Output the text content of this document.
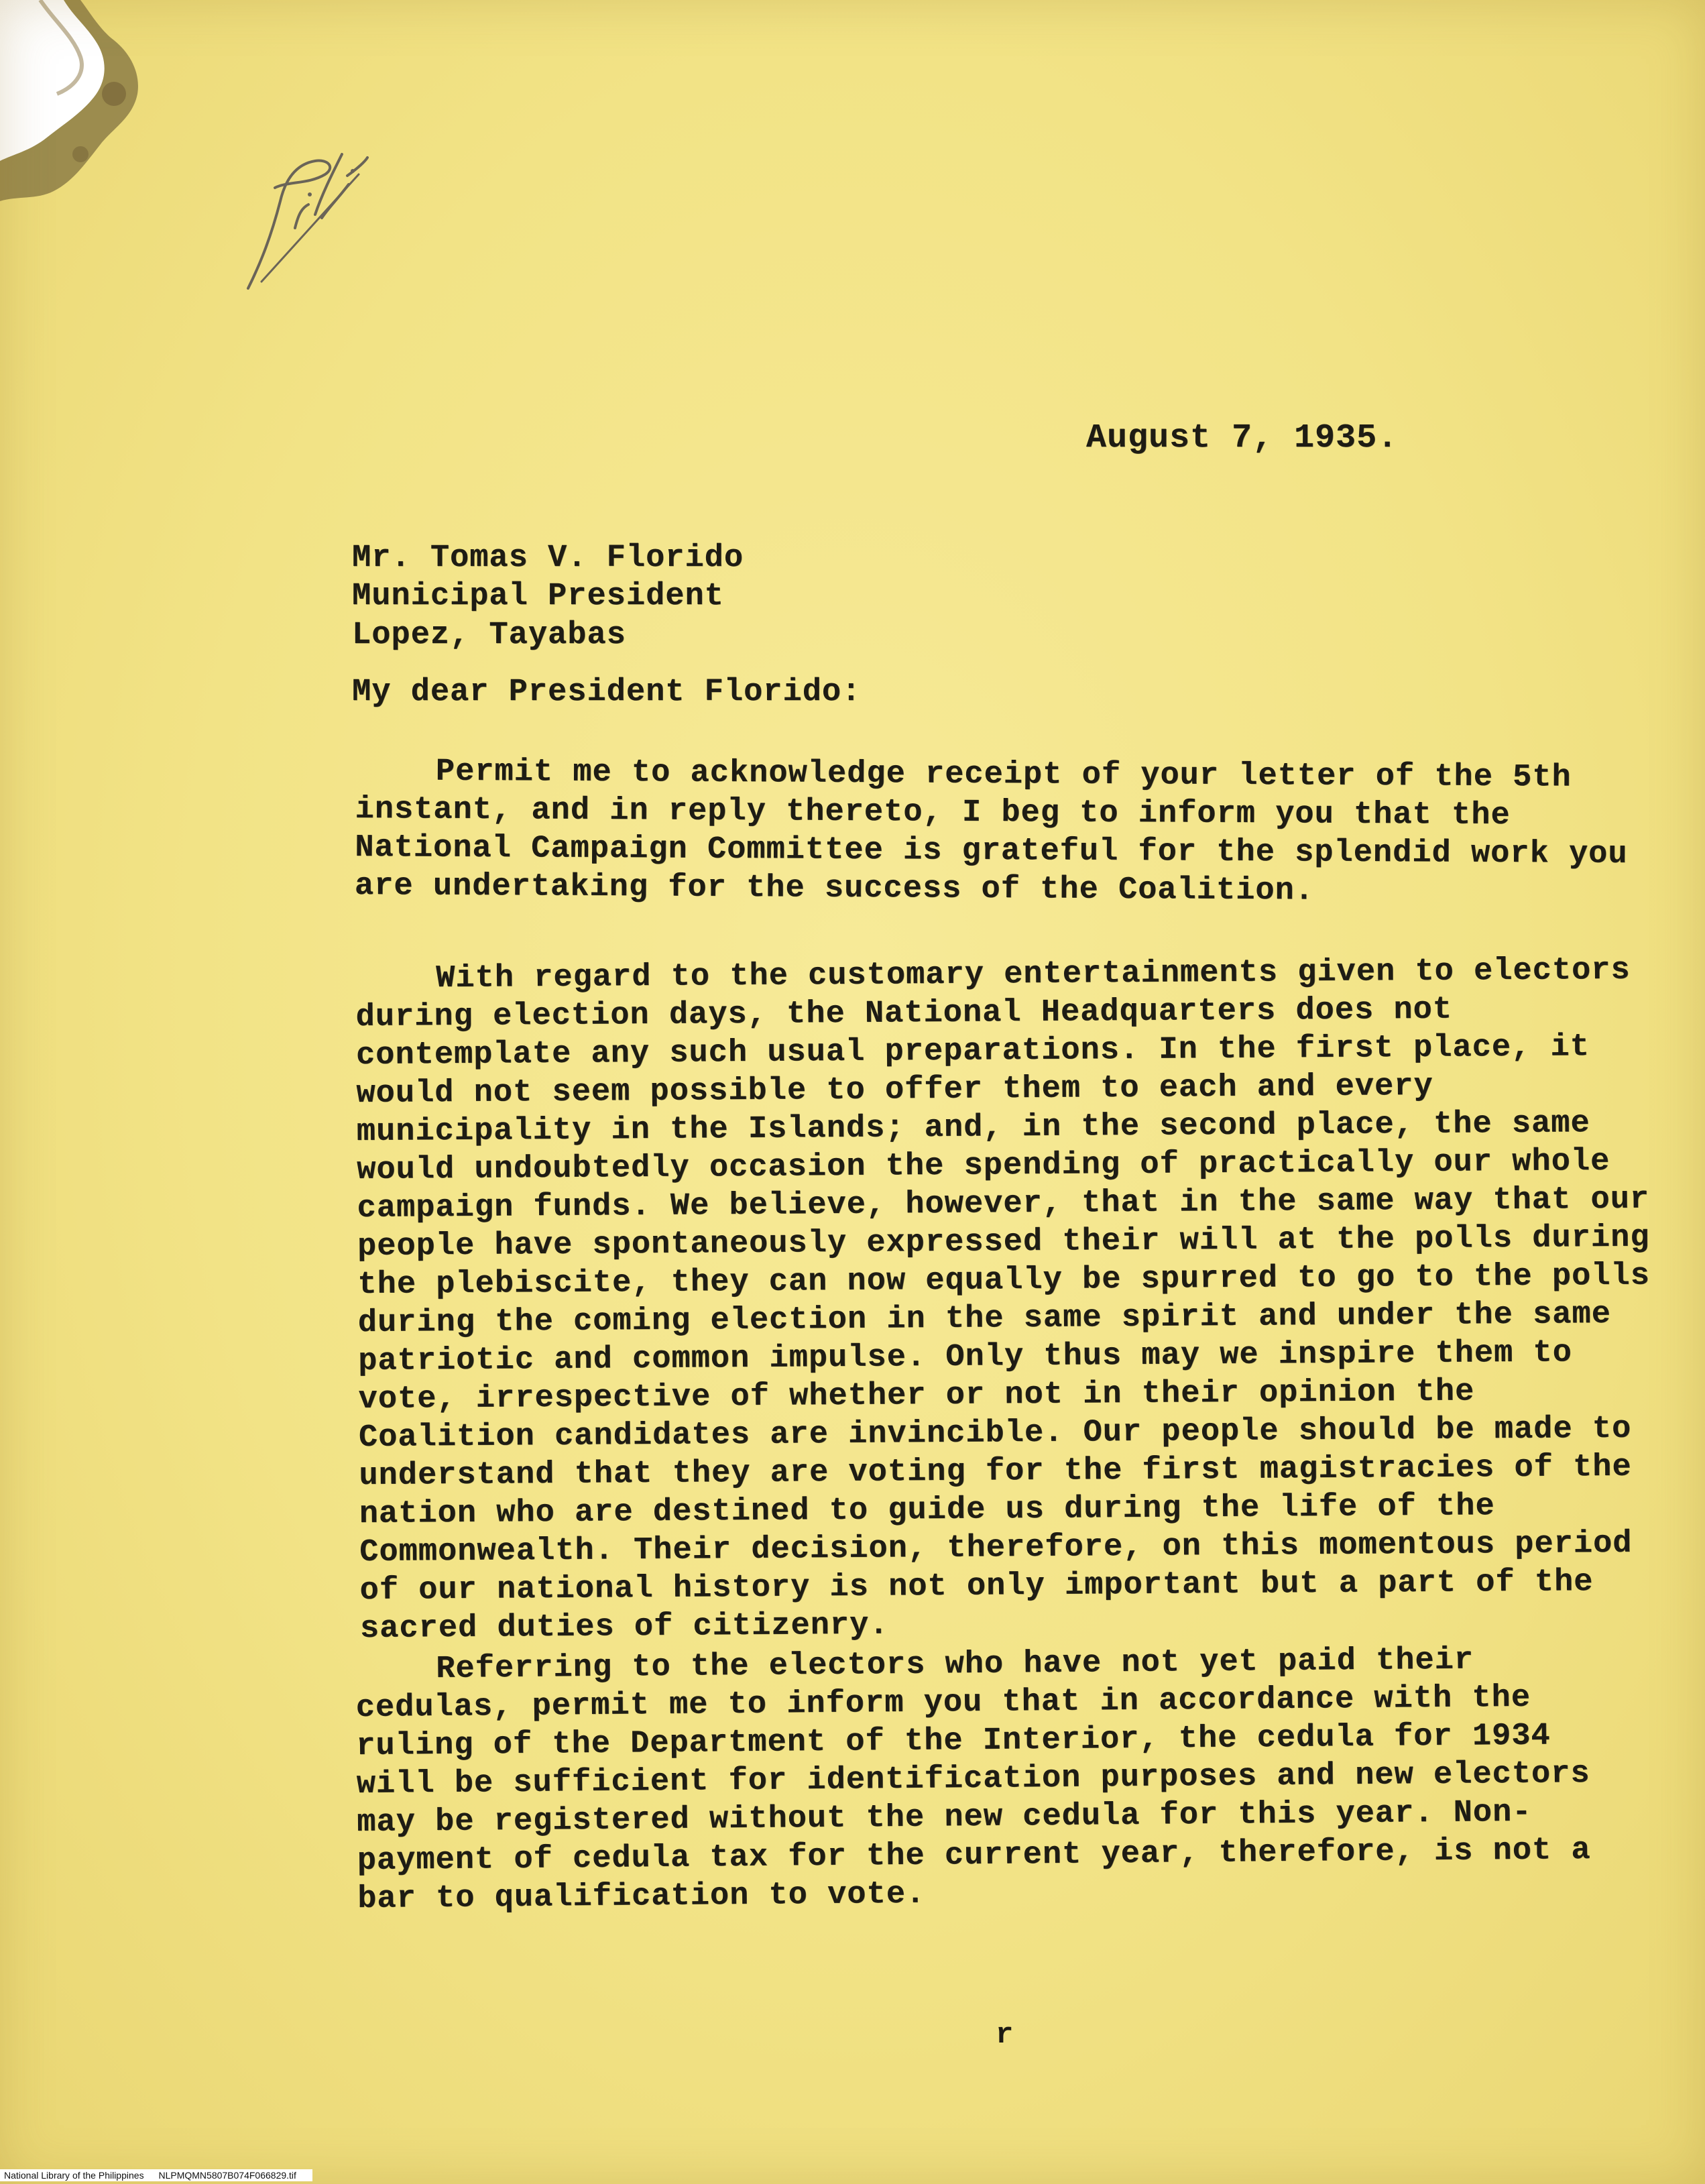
August 7, 1935.
Mr. Tomas V. Florido
Municipal President
Lopez, Tayabas
My dear President Florido:

Permit me to acknowledge receipt of your letter of the 5th instant, and in reply thereto, I beg to inform you that the National Campaign Committee is grateful for the splendid work you are undertaking for the success of the Coalition.

With regard to the customary entertainments given to electors during election days, the National Headquarters does not contemplate any such usual preparations. In the first place, it would not seem possible to offer them to each and every municipality in the Islands; and, in the second place, the same would undoubtedly occasion the spending of practically our whole campaign funds. We believe, however, that in the same way that our people have spontaneously expressed their will at the polls during the plebiscite, they can now equally be spurred to go to the polls during the coming election in the same spirit and under the same patriotic and common impulse. Only thus may we inspire them to vote, irrespective of whether or not in their opinion the Coalition candidates are invincible. Our people should be made to understand that they are voting for the first magistracies of the nation who are destined to guide us during the life of the Commonwealth. Their decision, therefore, on this momentous period of our national history is not only important but a part of the sacred duties of citizenry.

Referring to the electors who have not yet paid their cedulas, permit me to inform you that in accordance with the ruling of the Department of the Interior, the cedula for 1934 will be sufficient for identification purposes and new electors may be registered without the new cedula for this year. Non-payment of cedula tax for the current year, therefore, is not a bar to qualification to vote.

r
National Library of the Philippines NLPMQMN5807B074F066829.tif
